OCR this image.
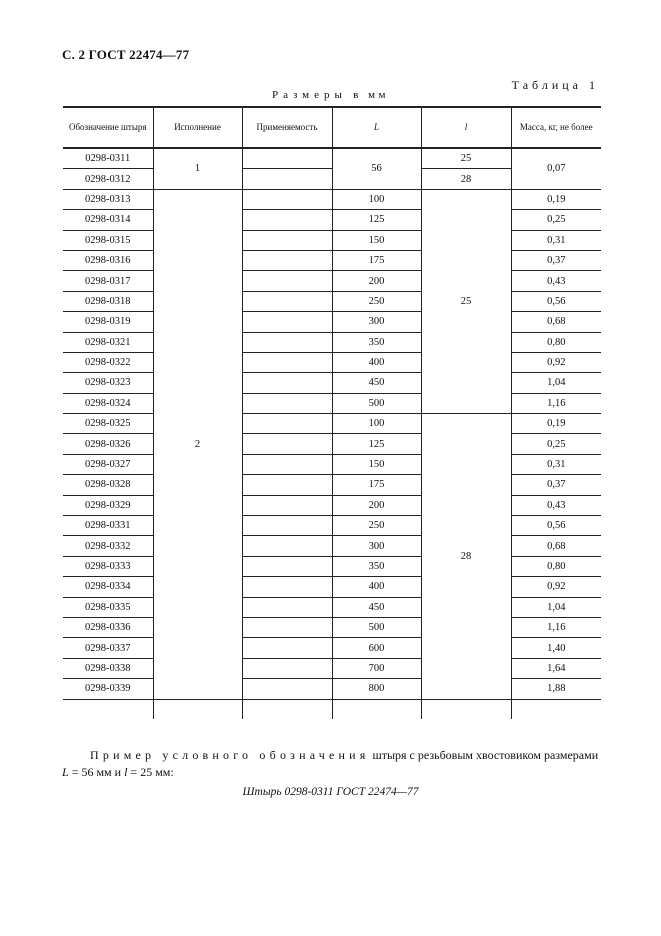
С. 2 ГОСТ 22474—77
Таблица 1
Размеры в мм
Обозначение штыря	Исполнение	Применяемость	L	l	Масса, кг, не более
0298-0311	1		56	25	0,07
0298-0312				28	
0298-0313	2		100	25	0,19
0298-0314			125		0,25
0298-0315			150		0,31
0298-0316			175		0,37
0298-0317			200		0,43
0298-0318			250		0,56
0298-0319			300		0,68
0298-0321			350		0,80
0298-0322			400		0,92
0298-0323			450		1,04
0298-0324			500		1,16
0298-0325			100	28	0,19
0298-0326			125		0,25
0298-0327			150		0,31
0298-0328			175		0,37
0298-0329			200		0,43
0298-0331			250		0,56
0298-0332			300		0,68
0298-0333			350		0,80
0298-0334			400		0,92
0298-0335			450		1,04
0298-0336			500		1,16
0298-0337			600		1,40
0298-0338			700		1,64
0298-0339			800		1,88

Пример условного обозначения штыря с резьбовым хвостовиком размерами L = 56 мм и l = 25 мм:
Штырь 0298-0311 ГОСТ 22474—77
